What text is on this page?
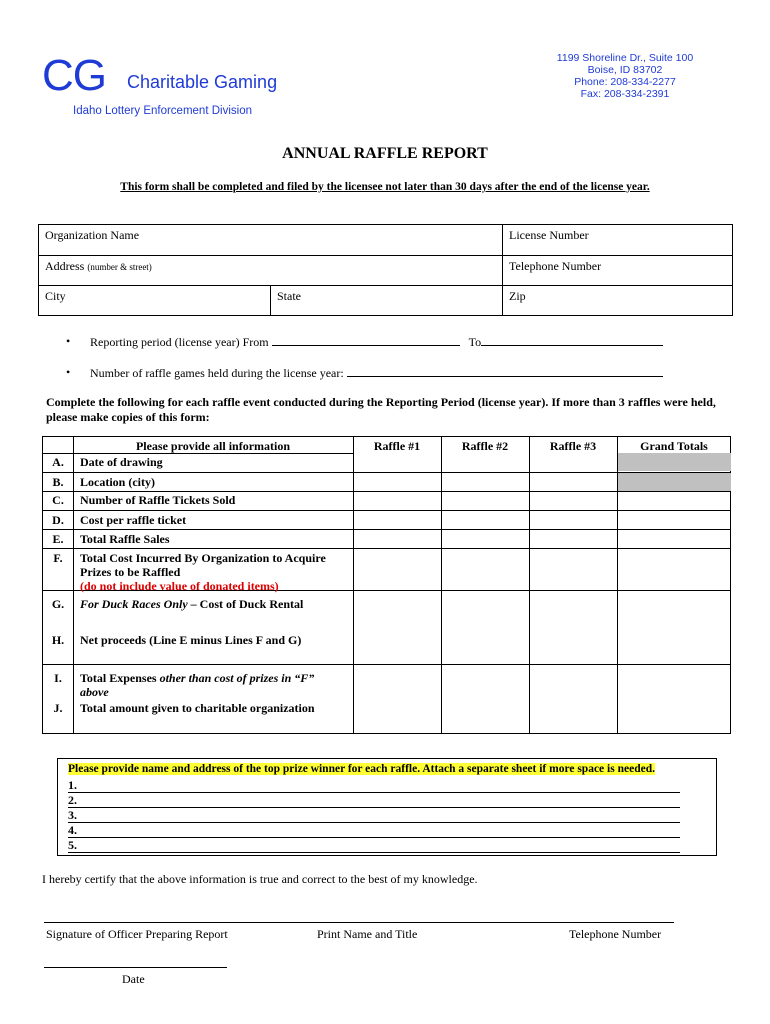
CG Charitable Gaming
Idaho Lottery Enforcement Division
1199 Shoreline Dr., Suite 100
Boise, ID 83702
Phone: 208-334-2277
Fax: 208-334-2391
ANNUAL RAFFLE REPORT
This form shall be completed and filed by the licensee not later than 30 days after the end of the license year.
Organization Name	License Number
Address (number & street)	Telephone Number
City	State	Zip
• Reporting period (license year) From	To
• Number of raffle games held during the license year:
Complete the following for each raffle event conducted during the Reporting Period (license year). If more than 3 raffles were held, please make copies of this form:
Please provide all information	Raffle #1	Raffle #2	Raffle #3	Grand Totals
A.	Date of drawing
B.	Location (city)
C.	Number of Raffle Tickets Sold
D.	Cost per raffle ticket
E.	Total Raffle Sales
F.	Total Cost Incurred By Organization to Acquire
Prizes to be Raffled
(do not include value of donated items)
G.	For Duck Races Only – Cost of Duck Rental
H.	Net proceeds (Line E minus Lines F and G)
I.	Total Expenses other than cost of prizes in “F”
above
J.	Total amount given to charitable organization
Please provide name and address of the top prize winner for each raffle. Attach a separate sheet if more space is needed.
1.
2.
3.
4.
5.
I hereby certify that the above information is true and correct to the best of my knowledge.
Signature of Officer Preparing Report	Print Name and Title	Telephone Number
Date
